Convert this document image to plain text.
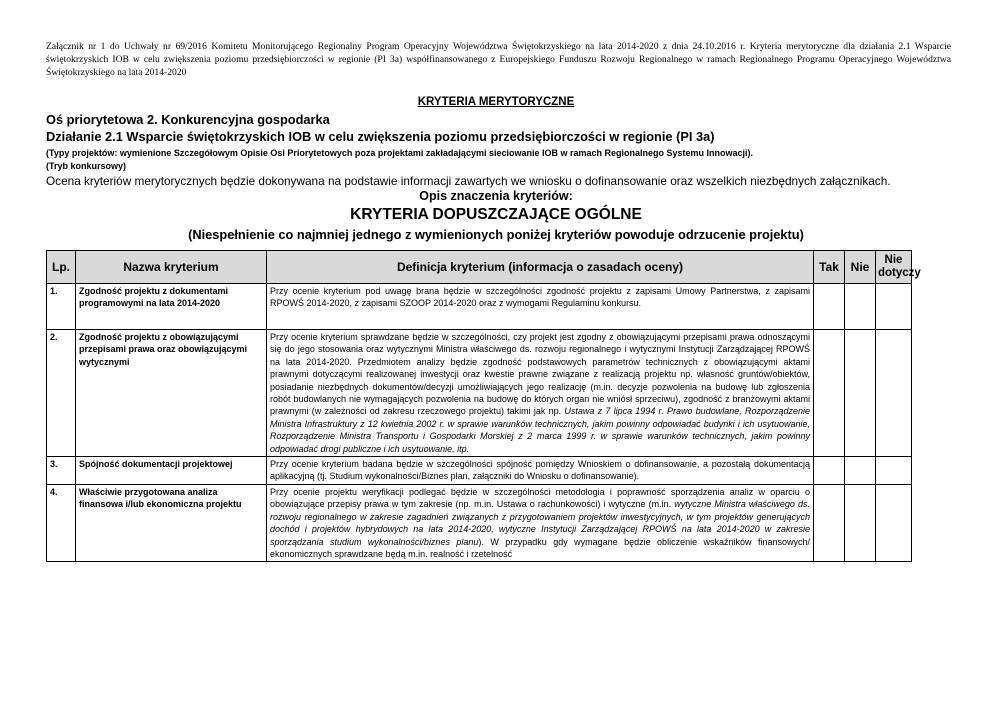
Załącznik nr 1 do Uchwały nr 69/2016 Komitetu Monitorującego Regionalny Program Operacyjny Województwa Świętokrzyskiego na lata 2014-2020 z dnia 24.10.2016 r. Kryteria merytoryczne dla działania 2.1 Wsparcie świętokrzyskich IOB w celu zwiększenia poziomu przedsiębiorczości w regionie (PI 3a) współfinansowanego z Europejskiego Funduszu Rozwoju Regionalnego w ramach Regionalnego Programu Operacyjnego Województwa Świętokrzyskiego na lata 2014-2020
KRYTERIA MERYTORYCZNE
Oś priorytetowa 2. Konkurencyjna gospodarka
Działanie 2.1 Wsparcie świętokrzyskich IOB w celu zwiększenia poziomu przedsiębiorczości w regionie (PI 3a)
(Typy projektów: wymienione Szczegółowym Opisie Osi Priorytetowych poza projektami zakładającymi sieciowanie IOB w ramach Regionalnego Systemu Innowacji).
(Tryb konkursowy)
Ocena kryteriów merytorycznych będzie dokonywana na podstawie informacji zawartych we wniosku o dofinansowanie oraz wszelkich niezbędnych załącznikach.
Opis znaczenia kryteriów:
KRYTERIA DOPUSZCZAJĄCE OGÓLNE
(Niespełnienie co najmniej jednego z wymienionych poniżej kryteriów powoduje odrzucenie projektu)
Lp.	Nazwa kryterium	Definicja kryterium (informacja o zasadach oceny)	Tak	Nie	Nie dotyczy
1.	Zgodność projektu z dokumentami programowymi na lata 2014-2020	Przy ocenie kryterium pod uwagę brana będzie w szczególności zgodność projektu z zapisami Umowy Partnerstwa, z zapisami RPOWŚ 2014-2020, z zapisami SZOOP 2014-2020 oraz z wymogami Regulaminu konkursu.			
2.	Zgodność projektu z obowiązującymi przepisami prawa oraz obowiązującymi wytycznymi	Przy ocenie kryterium sprawdzane będzie w szczególności, czy projekt jest zgodny z obowiązującymi przepisami prawa odnoszącymi się do jego stosowania oraz wytycznymi Ministra właściwego ds. rozwoju regionalnego i wytycznymi Instytucji Zarządzającej RPOWŚ na lata 2014-2020. Przedmiotem analizy będzie zgodność podstawowych parametrów technicznych z obowiązującymi aktami prawnymi dotyczącymi realizowanej inwestycji oraz kwestie prawne związane z realizacją projektu np. własność gruntów/obiektów, posiadanie niezbędnych dokumentów/decyzji umożliwiających jego realizację (m.in. decyzje pozwolenia na budowę lub zgłoszenia robót budowlanych nie wymagających pozwolenia na budowę do których organ nie wniósł sprzeciwu), zgodność z branżowymi aktami prawnymi (w zależności od zakresu rzeczowego projektu) takimi jak np. Ustawa z 7 lipca 1994 r. Prawo budowlane, Rozporządzenie Ministra Infrastruktury z 12 kwietnia 2002 r. w sprawie warunków technicznych, jakim powinny odpowiadać budynki i ich usytuowanie, Rozporządzenie Ministra Transportu i Gospodarki Morskiej z 2 marca 1999 r. w sprawie warunków technicznych, jakim powinny odpowiadać drogi publiczne i ich usytuowanie, itp.			
3.	Spójność dokumentacji projektowej	Przy ocenie kryterium badana będzie w szczególności spójność pomiędzy Wnioskiem o dofinansowanie, a pozostałą dokumentacją aplikacyjną (tj. Studium wykonalności/Biznes plan, załączniki do Wniosku o dofinansowanie).			
4.	Właściwie przygotowana analiza finansowa i/lub ekonomiczna projektu	Przy ocenie projektu weryfikacji podlegać będzie w szczególności metodologia i poprawność sporządzenia analiz w oparciu o obowiązujące przepisy prawa w tym zakresie (np. m.in. Ustawa o rachunkowości) i wytyczne (m.in. wytyczne Ministra właściwego ds. rozwoju regionalnego w zakresie zagadnień związanych z przygotowaniem projektów inwestycyjnych, w tym projektów generujących dochód i projektów hybrydowych na lata 2014-2020, wytyczne Instytucji Zarządzającej RPOWŚ na lata 2014-2020 w zakresie sporządzania studium wykonalności/biznes planu). W przypadku gdy wymagane będzie obliczenie wskaźników finansowych/ ekonomicznych sprawdzane będą m.in. realność i rzetelność			
